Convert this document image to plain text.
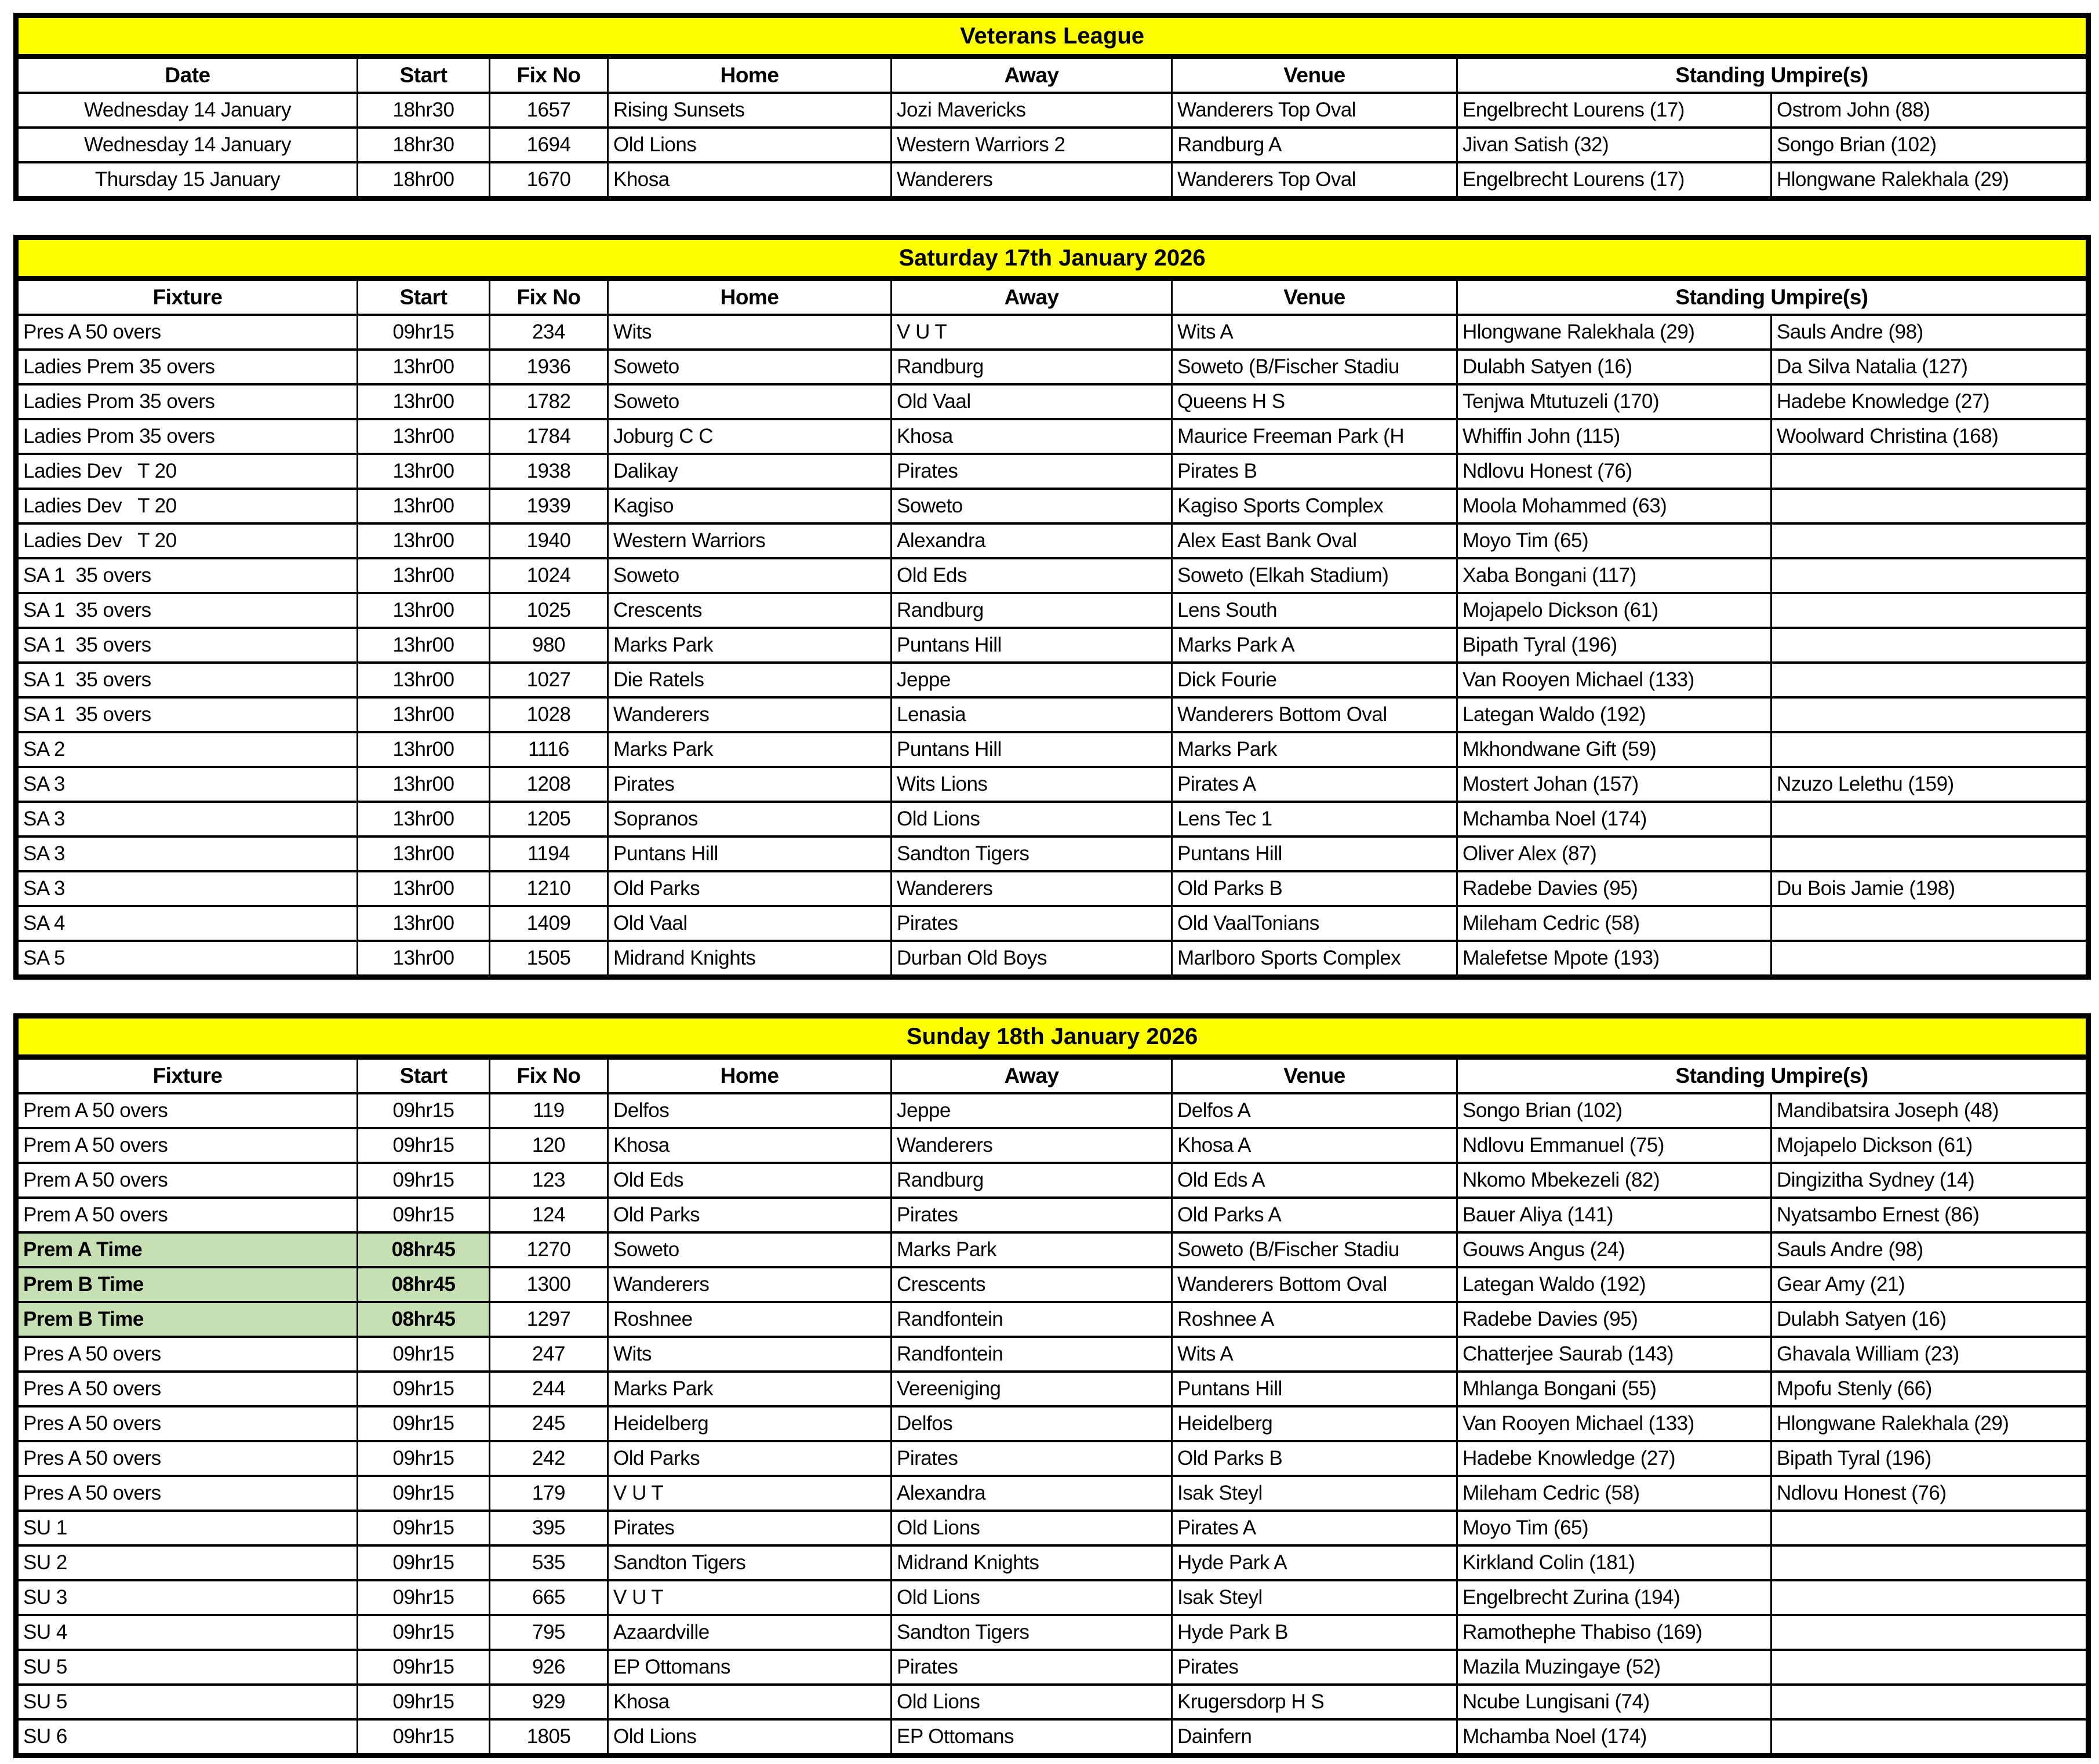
Veterans League							
Date	Start	Fix No	Home	Away	Venue	Standing Umpire(s)	
Wednesday 14 January	18hr30	1657	Rising Sunsets	Jozi Mavericks	Wanderers Top Oval	Engelbrecht Lourens (17)	Ostrom John (88)
Wednesday 14 January	18hr30	1694	Old Lions	Western Warriors 2	Randburg A	Jivan Satish (32)	Songo Brian (102)
Thursday 15 January	18hr00	1670	Khosa	Wanderers	Wanderers Top Oval	Engelbrecht Lourens (17)	Hlongwane Ralekhala (29)
Saturday 17th January 2026							
Fixture	Start	Fix No	Home	Away	Venue	Standing Umpire(s)	
Pres A 50 overs	09hr15	234	Wits	V U T	Wits A	Hlongwane Ralekhala (29)	Sauls Andre (98)
Ladies Prem 35 overs	13hr00	1936	Soweto	Randburg	Soweto (B/Fischer Stadiu	Dulabh Satyen (16)	Da Silva Natalia (127)
Ladies Prom 35 overs	13hr00	1782	Soweto	Old Vaal	Queens H S	Tenjwa Mtutuzeli (170)	Hadebe Knowledge (27)
Ladies Prom 35 overs	13hr00	1784	Joburg C C	Khosa	Maurice Freeman Park (H	Whiffin John (115)	Woolward Christina (168)
Ladies Dev   T 20	13hr00	1938	Dalikay	Pirates	Pirates B	Ndlovu Honest (76)	
Ladies Dev   T 20	13hr00	1939	Kagiso	Soweto	Kagiso Sports Complex	Moola Mohammed (63)	
Ladies Dev   T 20	13hr00	1940	Western Warriors	Alexandra	Alex East Bank Oval	Moyo Tim (65)	
SA 1  35 overs	13hr00	1024	Soweto	Old Eds	Soweto (Elkah Stadium)	Xaba Bongani (117)	
SA 1  35 overs	13hr00	1025	Crescents	Randburg	Lens South	Mojapelo Dickson (61)	
SA 1  35 overs	13hr00	980	Marks Park	Puntans Hill	Marks Park A	Bipath Tyral (196)	
SA 1  35 overs	13hr00	1027	Die Ratels	Jeppe	Dick Fourie	Van Rooyen Michael (133)	
SA 1  35 overs	13hr00	1028	Wanderers	Lenasia	Wanderers Bottom Oval	Lategan Waldo (192)	
SA 2	13hr00	1116	Marks Park	Puntans Hill	Marks Park	Mkhondwane Gift (59)	
SA 3	13hr00	1208	Pirates	Wits Lions	Pirates A	Mostert Johan (157)	Nzuzo Lelethu (159)
SA 3	13hr00	1205	Sopranos	Old Lions	Lens Tec 1	Mchamba Noel (174)	
SA 3	13hr00	1194	Puntans Hill	Sandton Tigers	Puntans Hill	Oliver Alex (87)	
SA 3	13hr00	1210	Old Parks	Wanderers	Old Parks B	Radebe Davies (95)	Du Bois Jamie (198)
SA 4	13hr00	1409	Old Vaal	Pirates	Old VaalTonians	Mileham Cedric (58)	
SA 5	13hr00	1505	Midrand Knights	Durban Old Boys	Marlboro Sports Complex	Malefetse Mpote (193)	
Sunday 18th January 2026							
Fixture	Start	Fix No	Home	Away	Venue	Standing Umpire(s)	
Prem A 50 overs	09hr15	119	Delfos	Jeppe	Delfos A	Songo Brian (102)	Mandibatsira Joseph (48)
Prem A 50 overs	09hr15	120	Khosa	Wanderers	Khosa A	Ndlovu Emmanuel (75)	Mojapelo Dickson (61)
Prem A 50 overs	09hr15	123	Old Eds	Randburg	Old Eds A	Nkomo Mbekezeli (82)	Dingizitha Sydney (14)
Prem A 50 overs	09hr15	124	Old Parks	Pirates	Old Parks A	Bauer Aliya (141)	Nyatsambo Ernest (86)
Prem A Time	08hr45	1270	Soweto	Marks Park	Soweto (B/Fischer Stadiu	Gouws Angus (24)	Sauls Andre (98)
Prem B Time	08hr45	1300	Wanderers	Crescents	Wanderers Bottom Oval	Lategan Waldo (192)	Gear Amy (21)
Prem B Time	08hr45	1297	Roshnee	Randfontein	Roshnee A	Radebe Davies (95)	Dulabh Satyen (16)
Pres A 50 overs	09hr15	247	Wits	Randfontein	Wits A	Chatterjee Saurab (143)	Ghavala William (23)
Pres A 50 overs	09hr15	244	Marks Park	Vereeniging	Puntans Hill	Mhlanga Bongani (55)	Mpofu Stenly (66)
Pres A 50 overs	09hr15	245	Heidelberg	Delfos	Heidelberg	Van Rooyen Michael (133)	Hlongwane Ralekhala (29)
Pres A 50 overs	09hr15	242	Old Parks	Pirates	Old Parks B	Hadebe Knowledge (27)	Bipath Tyral (196)
Pres A 50 overs	09hr15	179	V U T	Alexandra	Isak Steyl	Mileham Cedric (58)	Ndlovu Honest (76)
SU 1	09hr15	395	Pirates	Old Lions	Pirates A	Moyo Tim (65)	
SU 2	09hr15	535	Sandton Tigers	Midrand Knights	Hyde Park A	Kirkland Colin (181)	
SU 3	09hr15	665	V U T	Old Lions	Isak Steyl	Engelbrecht Zurina (194)	
SU 4	09hr15	795	Azaardville	Sandton Tigers	Hyde Park B	Ramothephe Thabiso (169)	
SU 5	09hr15	926	EP Ottomans	Pirates	Pirates	Mazila Muzingaye (52)	
SU 5	09hr15	929	Khosa	Old Lions	Krugersdorp H S	Ncube Lungisani (74)	
SU 6	09hr15	1805	Old Lions	EP Ottomans	Dainfern	Mchamba Noel (174)	
